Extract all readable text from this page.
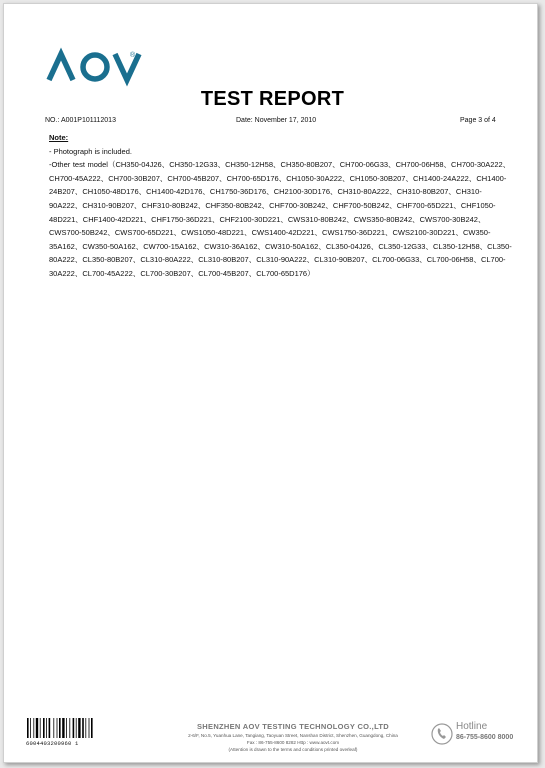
®
TEST REPORT
NO.: A001P101112013	Date: November 17, 2010	Page 3 of 4
Note:
- Photograph is included.
-Other test model（CH350-04J26、CH350-12G33、CH350-12H58、CH350-80B207、CH700-06G33、CH700-06H58、CH700-30A222、CH700-45A222、CH700-30B207、CH700-45B207、CH700-65D176、CH1050-30A222、CH1050-30B207、CH1400-24A222、CH1400-24B207、CH1050-48D176、CH1400-42D176、CH1750-36D176、CH2100-30D176、CH310-80A222、CH310-80B207、CH310-90A222、CH310-90B207、CHF310-80B242、CHF350-80B242、CHF700-30B242、CHF700-50B242、CHF700-65D221、CHF1050-48D221、CHF1400-42D221、CHF1750-36D221、CHF2100-30D221、CWS310-80B242、CWS350-80B242、CWS700-30B242、CWS700-50B242、CWS700-65D221、CWS1050-48D221、CWS1400-42D221、CWS1750-36D221、CWS2100-30D221、CW350-35A162、CW350-50A162、CW700-15A162、CW310-36A162、CW310-50A162、CL350-04J26、CL350-12G33、CL350-12H58、CL350-80A222、CL350-80B207、CL310-80A222、CL310-80B207、CL310-90A222、CL310-90B207、CL700-06G33、CL700-06H58、CL700-30A222、CL700-45A222、CL700-30B207、CL700-45B207、CL700-65D176）
6004403200960 1
SHENZHEN AOV TESTING TECHNOLOGY CO.,LTD
2-6/F, No.5, Yuanhua Lane, Tangiang, Taoyuan Street, Nanshan District, Shenzhen, Guangdong, China
Fax : 86-755-8600 8282 Http : www.aovt.com
(Attention is drawn to the terms and conditions printed overleaf)
Hotline
86-755-8600 8000
